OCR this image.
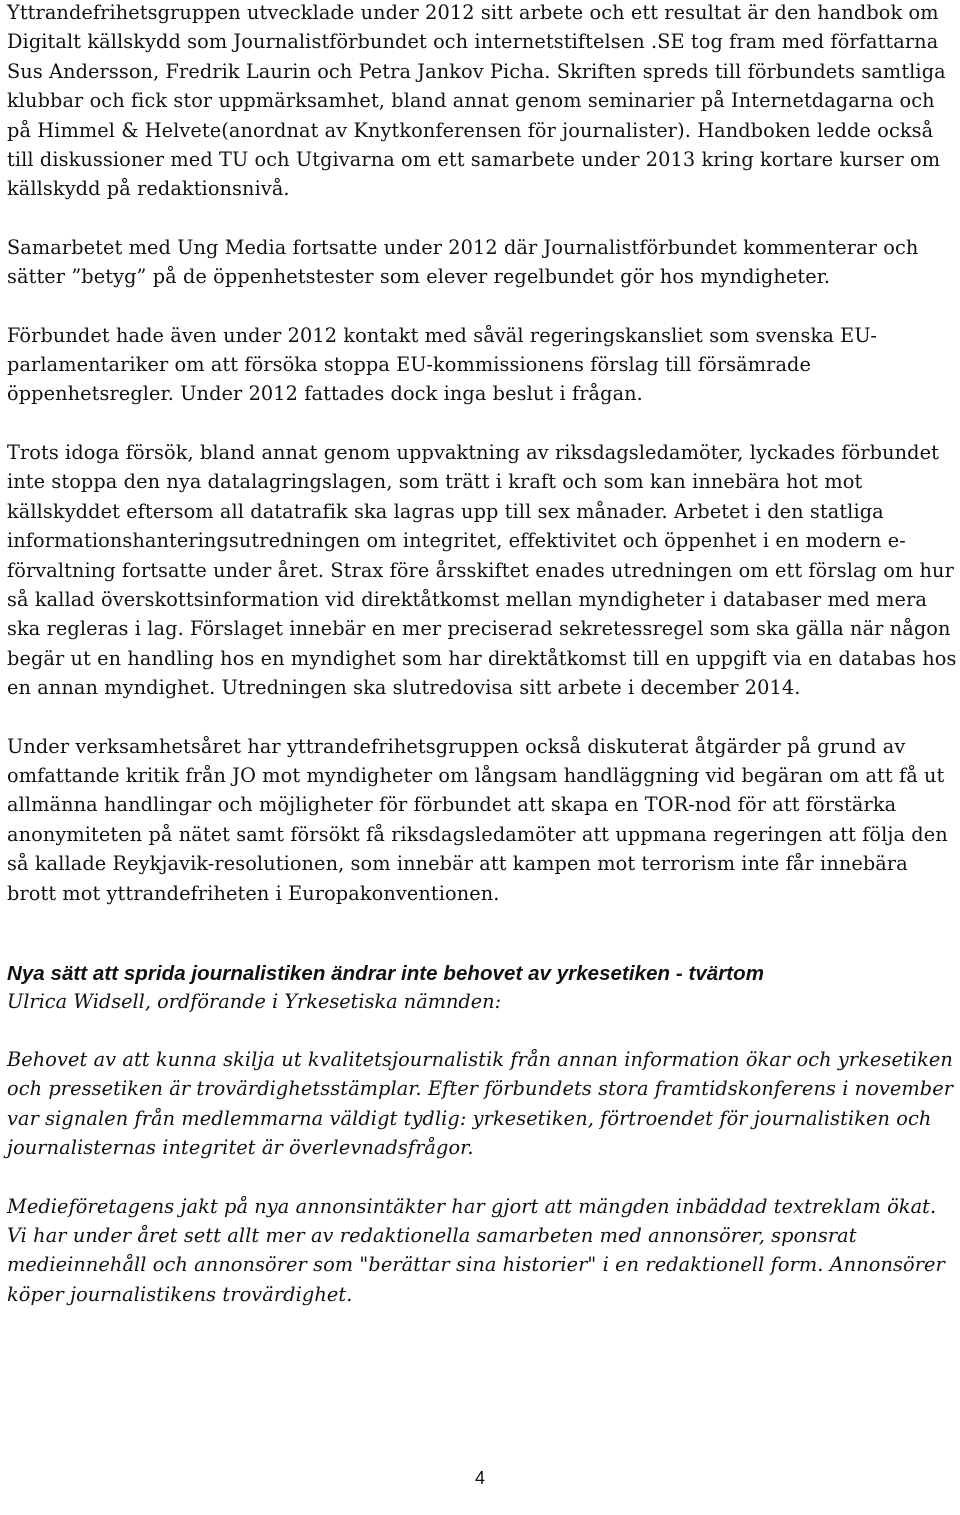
Yttrandefrihetsgruppen utvecklade under 2012 sitt arbete och ett resultat är den handbok om Digitalt källskydd som Journalistförbundet och internetstiftelsen .SE tog fram med författarna Sus Andersson, Fredrik Laurin och Petra Jankov Picha. Skriften spreds till förbundets samtliga klubbar och fick stor uppmärksamhet, bland annat genom seminarier på Internetdagarna och på Himmel & Helvete(anordnat av Knytkonferensen för journalister). Handboken ledde också till diskussioner med TU och Utgivarna om ett samarbete under 2013 kring kortare kurser om källskydd på redaktionsnivå.

Samarbetet med Ung Media fortsatte under 2012 där Journalistförbundet kommenterar och sätter ”betyg” på de öppenhetstester som elever regelbundet gör hos myndigheter.

Förbundet hade även under 2012 kontakt med såväl regeringskansliet som svenska EU-parlamentariker om att försöka stoppa EU-kommissionens förslag till försämrade öppenhetsregler. Under 2012 fattades dock inga beslut i frågan.

Trots idoga försök, bland annat genom uppvaktning av riksdagsledamöter, lyckades förbundet inte stoppa den nya datalagringslagen, som trätt i kraft och som kan innebära hot mot källskyddet eftersom all datatrafik ska lagras upp till sex månader. Arbetet i den statliga informationshanteringsutredningen om integritet, effektivitet och öppenhet i en modern e-förvaltning fortsatte under året. Strax före årsskiftet enades utredningen om ett förslag om hur så kallad överskottsinformation vid direktåtkomst mellan myndigheter i databaser med mera ska regleras i lag. Förslaget innebär en mer preciserad sekretessregel som ska gälla när någon begär ut en handling hos en myndighet som har direktåtkomst till en uppgift via en databas hos en annan myndighet. Utredningen ska slutredovisa sitt arbete i december 2014.

Under verksamhetsåret har yttrandefrihetsgruppen också diskuterat åtgärder på grund av omfattande kritik från JO mot myndigheter om långsam handläggning vid begäran om att få ut allmänna handlingar och möjligheter för förbundet att skapa en TOR-nod för att förstärka anonymiteten på nätet samt försökt få riksdagsledamöter att uppmana regeringen att följa den så kallade Reykjavik-resolutionen, som innebär att kampen mot terrorism inte får innebära brott mot yttrandefriheten i Europakonventionen.

Nya sätt att sprida journalistiken ändrar inte behovet av yrkesetiken - tvärtom

Ulrica Widsell, ordförande i Yrkesetiska nämnden:

Behovet av att kunna skilja ut kvalitetsjournalistik från annan information ökar och yrkesetiken och pressetiken är trovärdighetsstämplar. Efter förbundets stora framtidskonferens i november var signalen från medlemmarna väldigt tydlig: yrkesetiken, förtroendet för journalistiken och journalisternas integritet är överlevnadsfrågor.

Medieföretagens jakt på nya annonsintäkter har gjort att mängden inbäddad textreklam ökat. Vi har under året sett allt mer av redaktionella samarbeten med annonsörer, sponsrat medieinnehåll och annonsörer som "berättar sina historier" i en redaktionell form. Annonsörer köper journalistikens trovärdighet.

4
